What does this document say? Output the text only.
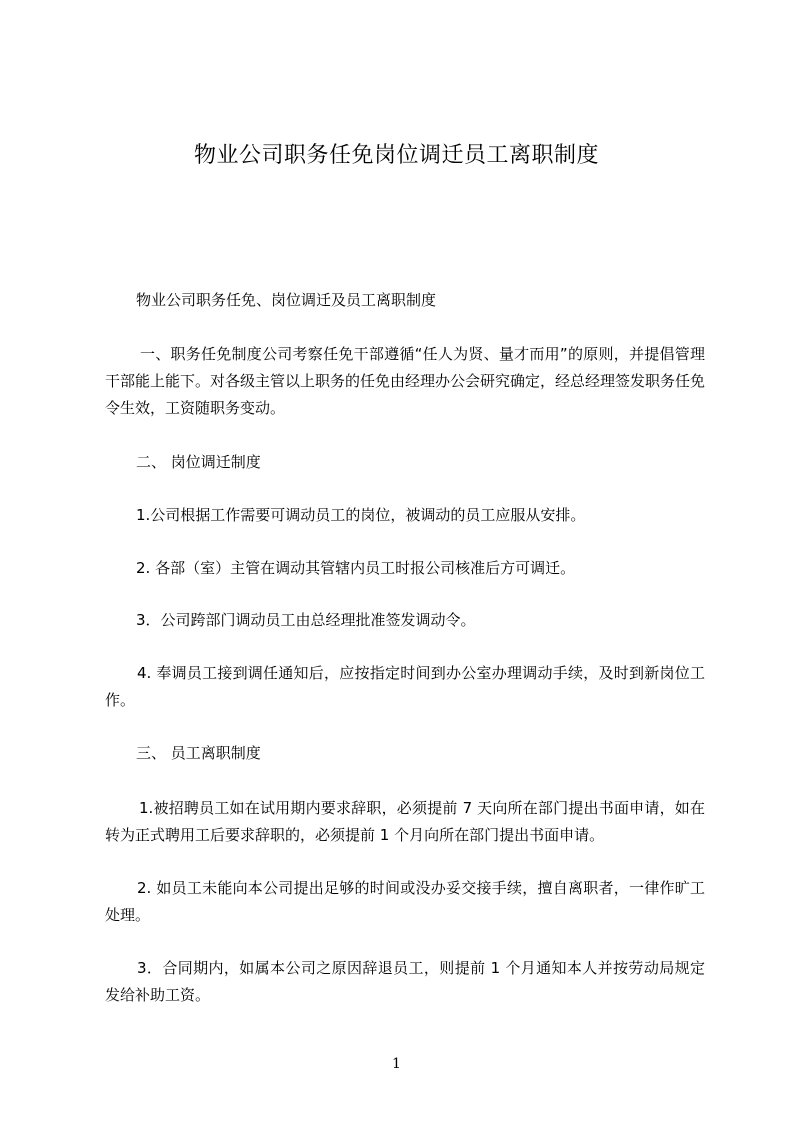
物业公司职务任免岗位调迁员工离职制度

物业公司职务任免、岗位调迁及员工离职制度

一、职务任免制度公司考察任免干部遵循“任人为贤、量才而用”的原则，并提倡管理干部能上能下。对各级主管以上职务的任免由经理办公会研究确定，经总经理签发职务任免令生效，工资随职务变动。

二、 岗位调迁制度

1.公司根据工作需要可调动员工的岗位，被调动的员工应服从安排。

2. 各部（室）主管在调动其管辖内员工时报公司核准后方可调迁。

3．公司跨部门调动员工由总经理批准签发调动令。

4. 奉调员工接到调任通知后，应按指定时间到办公室办理调动手续，及时到新岗位工作。

三、 员工离职制度

1.被招聘员工如在试用期内要求辞职，必须提前 7 天向所在部门提出书面申请，如在转为正式聘用工后要求辞职的，必须提前 1 个月向所在部门提出书面申请。

2. 如员工未能向本公司提出足够的时间或没办妥交接手续，擅自离职者，一律作旷工处理。

3．合同期内，如属本公司之原因辞退员工，则提前 1 个月通知本人并按劳动局规定发给补助工资。

1
